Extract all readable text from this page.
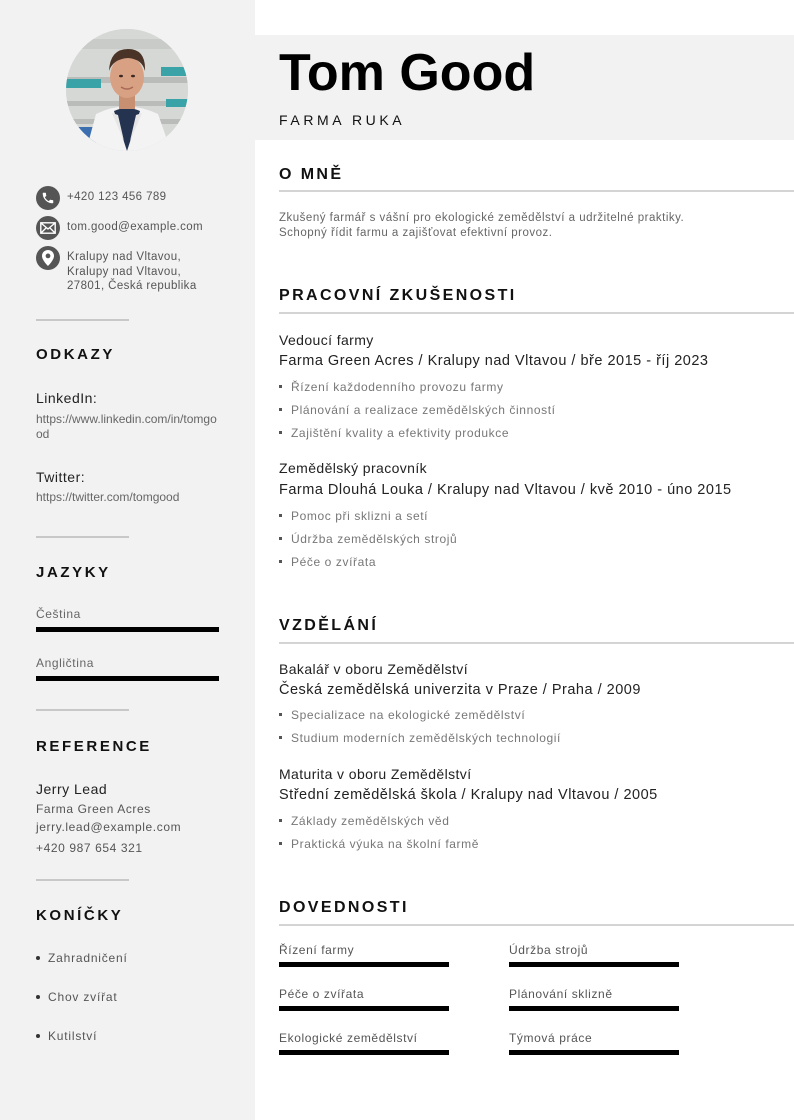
+420 123 456 789
tom.good@example.com
Kralupy nad Vltavou,
Kralupy nad Vltavou,
27801, Česká republika
ODKAZY
LinkedIn:
https://www.linkedin.com/in/tomgood
Twitter:
https://twitter.com/tomgood
JAZYKY
Čeština
Angličtina
REFERENCE
Jerry Lead
Farma Green Acres
jerry.lead@example.com
+420 987 654 321
KONÍČKY
Zahradničení
Chov zvířat
Kutilství
Tom Good
FARMA RUKA
O MNĚ
Zkušený farmář s vášní pro ekologické zemědělství a udržitelné praktiky.
Schopný řídit farmu a zajišťovat efektivní provoz.
PRACOVNÍ ZKUŠENOSTI
Vedoucí farmy
Farma Green Acres / Kralupy nad Vltavou / bře 2015 - říj 2023
Řízení každodenního provozu farmy
Plánování a realizace zemědělských činností
Zajištění kvality a efektivity produkce
Zemědělský pracovník
Farma Dlouhá Louka / Kralupy nad Vltavou / kvě 2010 - úno 2015
Pomoc při sklizni a setí
Údržba zemědělských strojů
Péče o zvířata
VZDĚLÁNÍ
Bakalář v oboru Zemědělství
Česká zemědělská univerzita v Praze / Praha / 2009
Specializace na ekologické zemědělství
Studium moderních zemědělských technologií
Maturita v oboru Zemědělství
Střední zemědělská škola / Kralupy nad Vltavou / 2005
Základy zemědělských věd
Praktická výuka na školní farmě
DOVEDNOSTI
Řízení farmy	Údržba strojů
Péče o zvířata	Plánování sklizně
Ekologické zemědělství	Týmová práce
